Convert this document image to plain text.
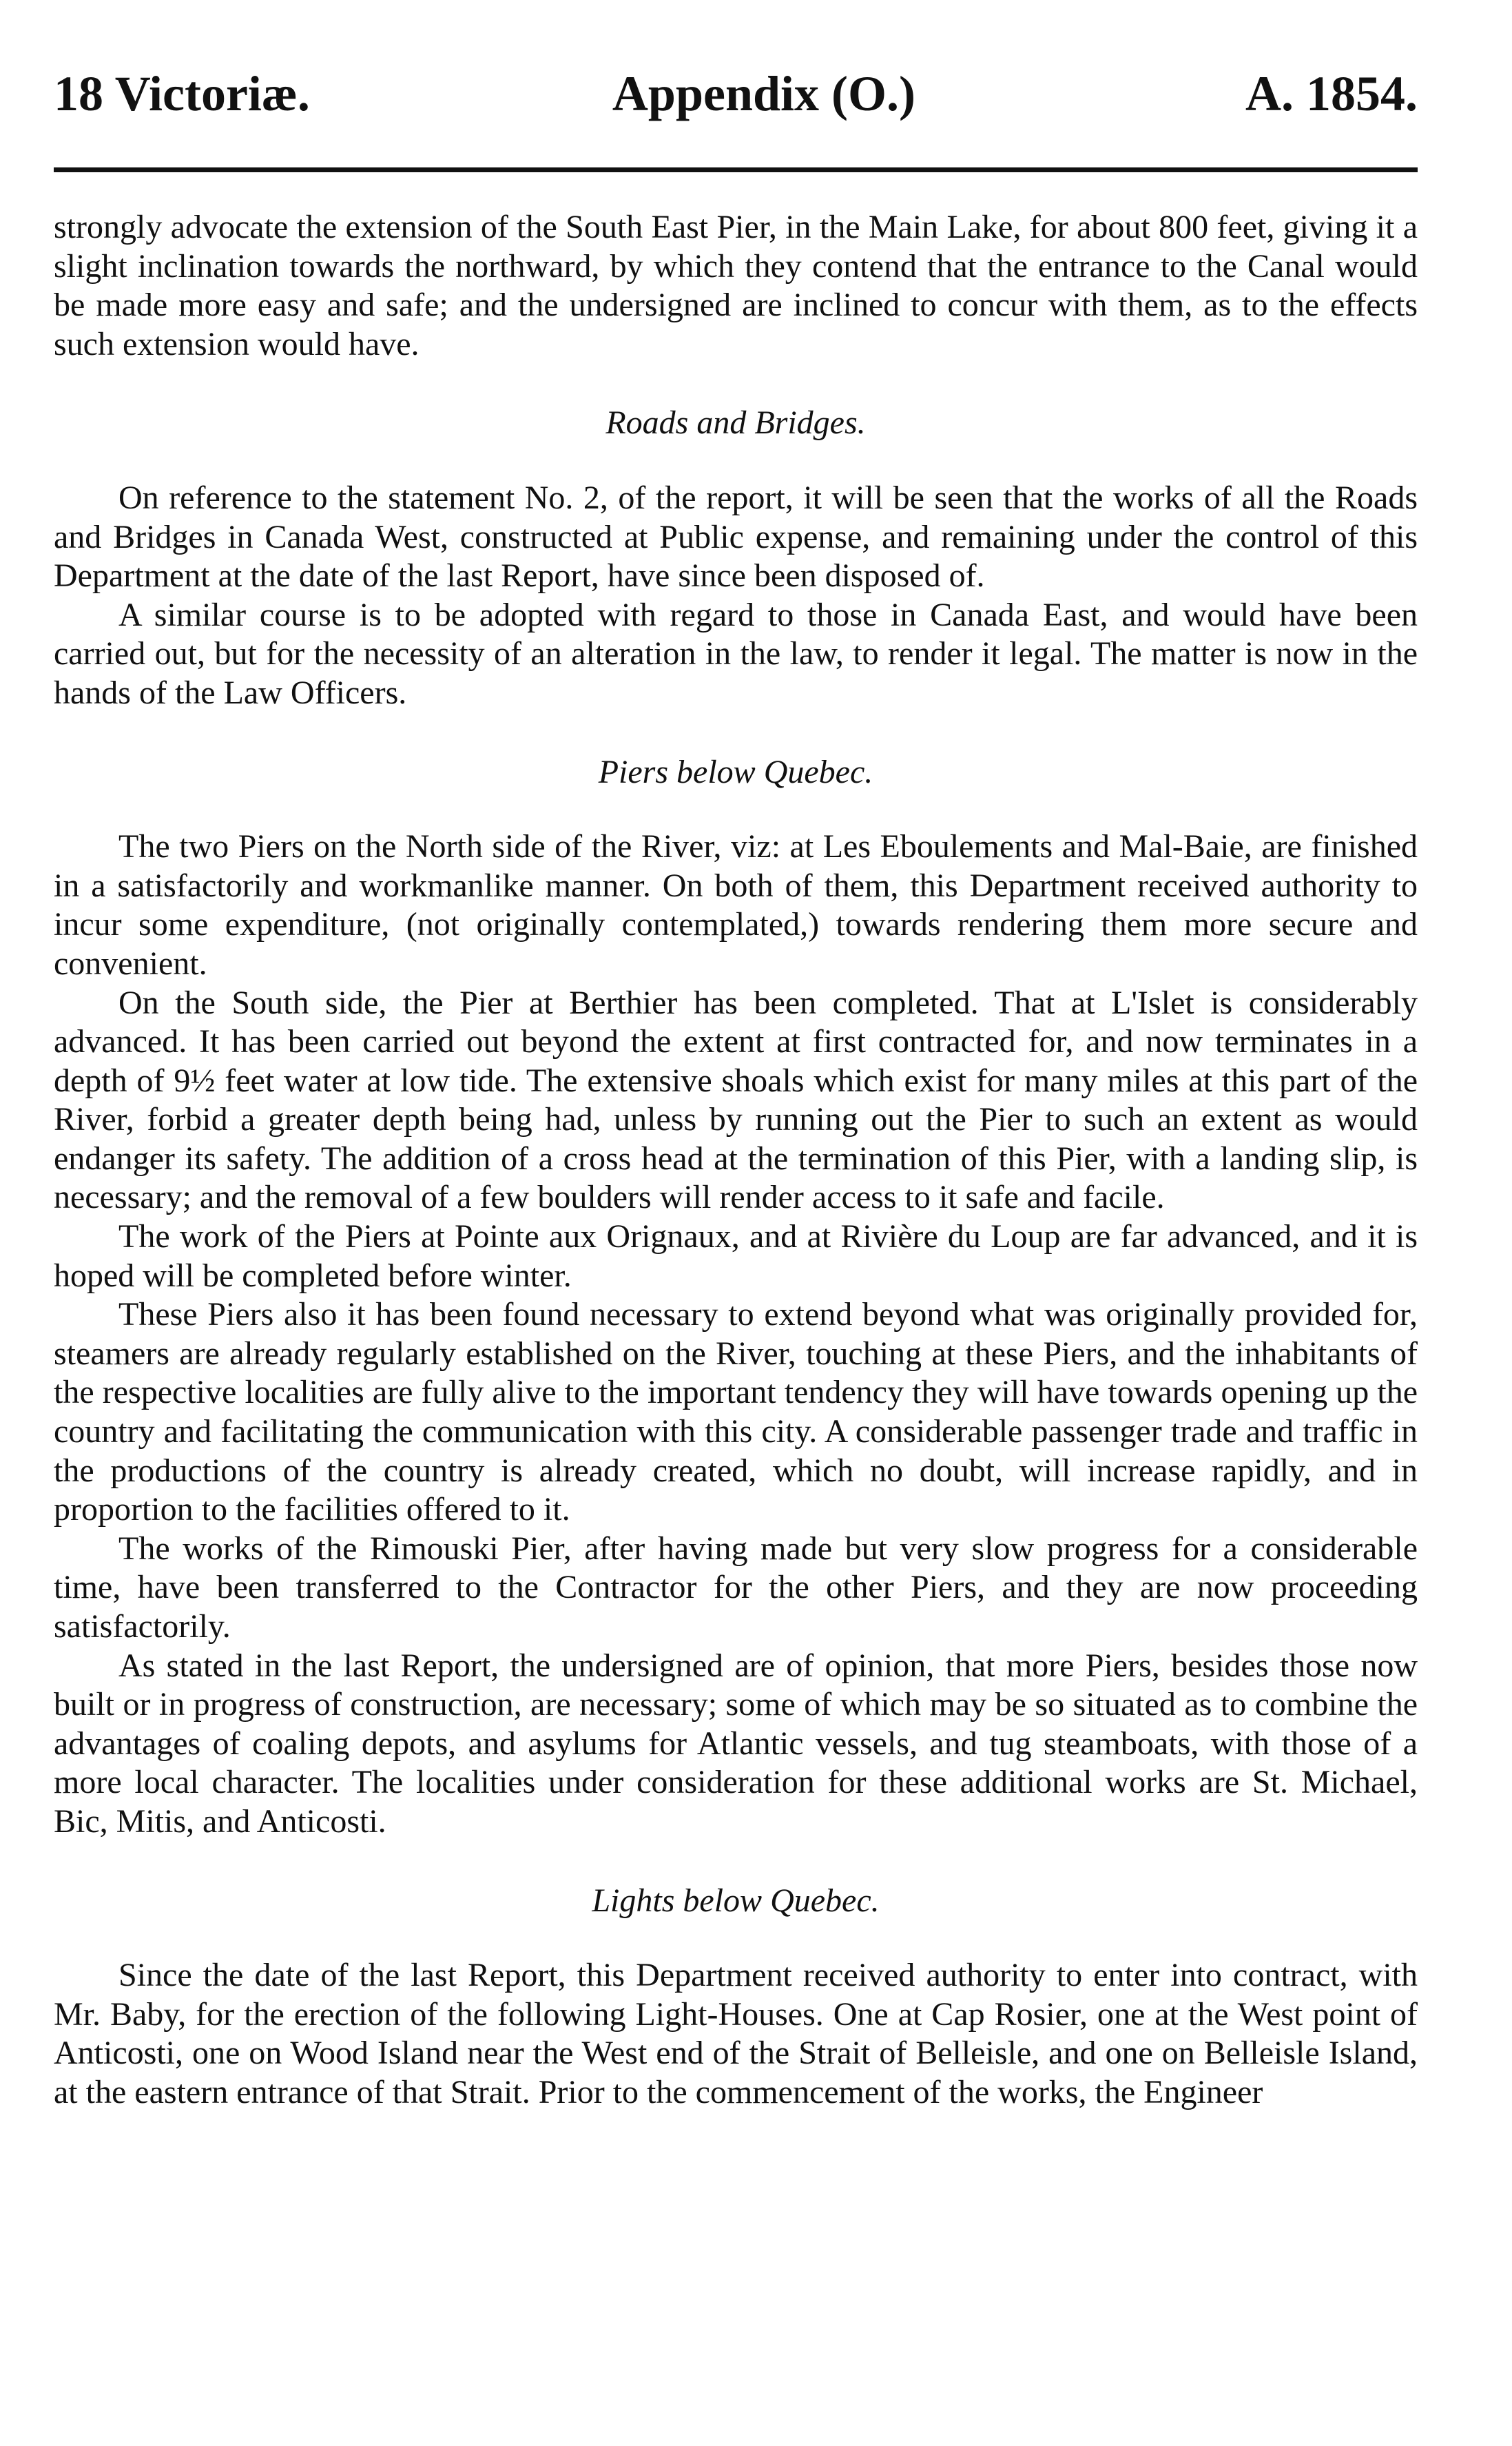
18 Victoriæ.	Appendix (O.)	A. 1854.

strongly advocate the extension of the South East Pier, in the Main Lake, for about 800 feet, giving it a slight inclination towards the northward, by which they contend that the entrance to the Canal would be made more easy and safe; and the undersigned are inclined to concur with them, as to the effects such extension would have.

Roads and Bridges.

On reference to the statement No. 2, of the report, it will be seen that the works of all the Roads and Bridges in Canada West, constructed at Public expense, and remaining under the control of this Department at the date of the last Report, have since been disposed of.

A similar course is to be adopted with regard to those in Canada East, and would have been carried out, but for the necessity of an alteration in the law, to render it legal. The matter is now in the hands of the Law Officers.

Piers below Quebec.

The two Piers on the North side of the River, viz: at Les Eboulements and Mal-Baie, are finished in a satisfactorily and workmanlike manner. On both of them, this Department received authority to incur some expenditure, (not originally contemplated,) towards rendering them more secure and convenient.

On the South side, the Pier at Berthier has been completed. That at L'Islet is considerably advanced. It has been carried out beyond the extent at first contracted for, and now terminates in a depth of 9½ feet water at low tide. The extensive shoals which exist for many miles at this part of the River, forbid a greater depth being had, unless by running out the Pier to such an extent as would endanger its safety. The addition of a cross head at the termination of this Pier, with a landing slip, is necessary; and the removal of a few boulders will render access to it safe and facile.

The work of the Piers at Pointe aux Orignaux, and at Rivière du Loup are far advanced, and it is hoped will be completed before winter.

These Piers also it has been found necessary to extend beyond what was originally provided for, steamers are already regularly established on the River, touching at these Piers, and the inhabitants of the respective localities are fully alive to the important tendency they will have towards opening up the country and facilitating the communication with this city. A considerable passenger trade and traffic in the productions of the country is already created, which no doubt, will increase rapidly, and in proportion to the facilities offered to it.

The works of the Rimouski Pier, after having made but very slow progress for a considerable time, have been transferred to the Contractor for the other Piers, and they are now proceeding satisfactorily.

As stated in the last Report, the undersigned are of opinion, that more Piers, besides those now built or in progress of construction, are necessary; some of which may be so situated as to combine the advantages of coaling depots, and asylums for Atlantic vessels, and tug steamboats, with those of a more local character. The localities under consideration for these additional works are St. Michael, Bic, Mitis, and Anticosti.

Lights below Quebec.

Since the date of the last Report, this Department received authority to enter into contract, with Mr. Baby, for the erection of the following Light-Houses. One at Cap Rosier, one at the West point of Anticosti, one on Wood Island near the West end of the Strait of Belleisle, and one on Belleisle Island, at the eastern entrance of that Strait. Prior to the commencement of the works, the Engineer
